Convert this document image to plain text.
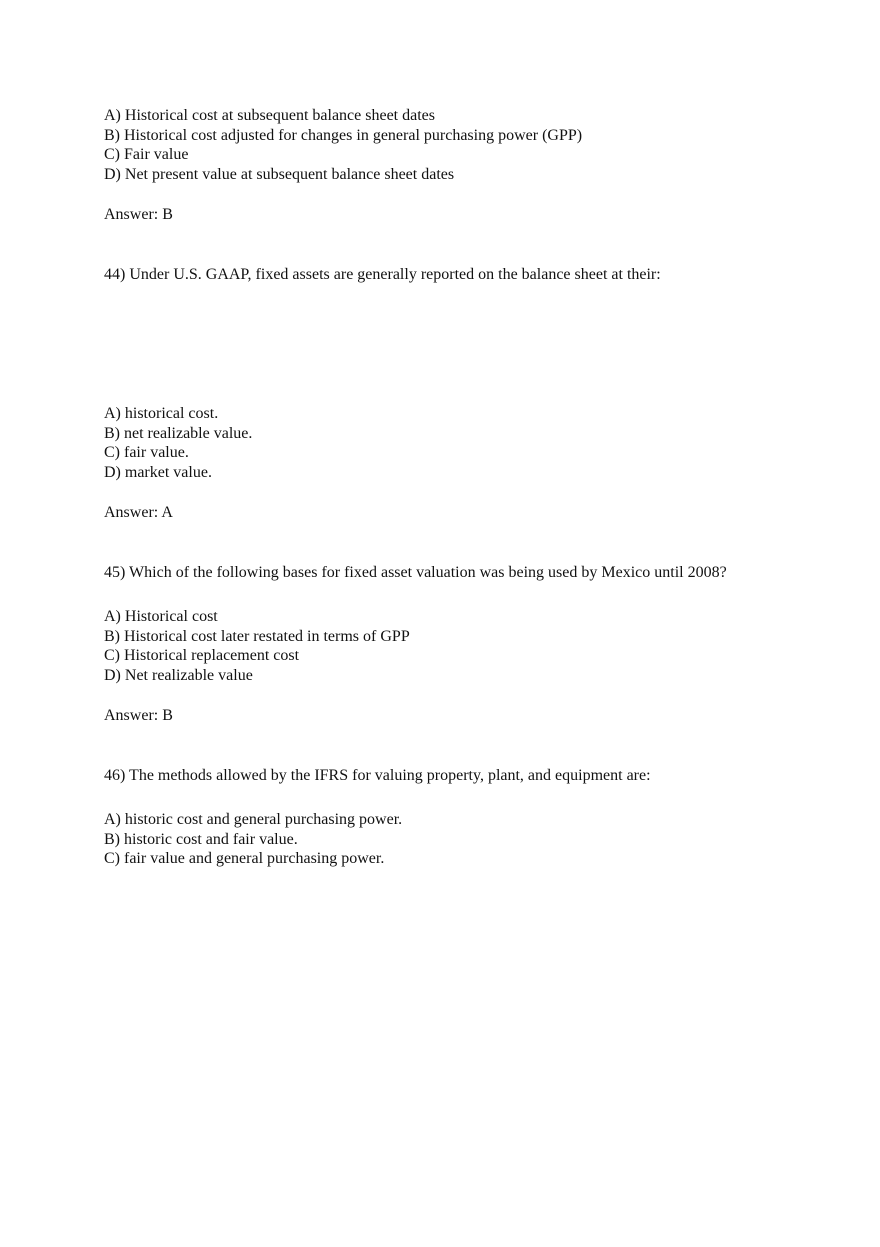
A) Historical cost at subsequent balance sheet dates
B) Historical cost adjusted for changes in general purchasing power (GPP)
C) Fair value
D) Net present value at subsequent balance sheet dates
Answer: B
44) Under U.S. GAAP, fixed assets are generally reported on the balance sheet at their:
A) historical cost.
B) net realizable value.
C) fair value.
D) market value.
Answer: A
45) Which of the following bases for fixed asset valuation was being used by Mexico until 2008?
A) Historical cost
B) Historical cost later restated in terms of GPP
C) Historical replacement cost
D) Net realizable value
Answer: B
46) The methods allowed by the IFRS for valuing property, plant, and equipment are:
A) historic cost and general purchasing power.
B) historic cost and fair value.
C) fair value and general purchasing power.
